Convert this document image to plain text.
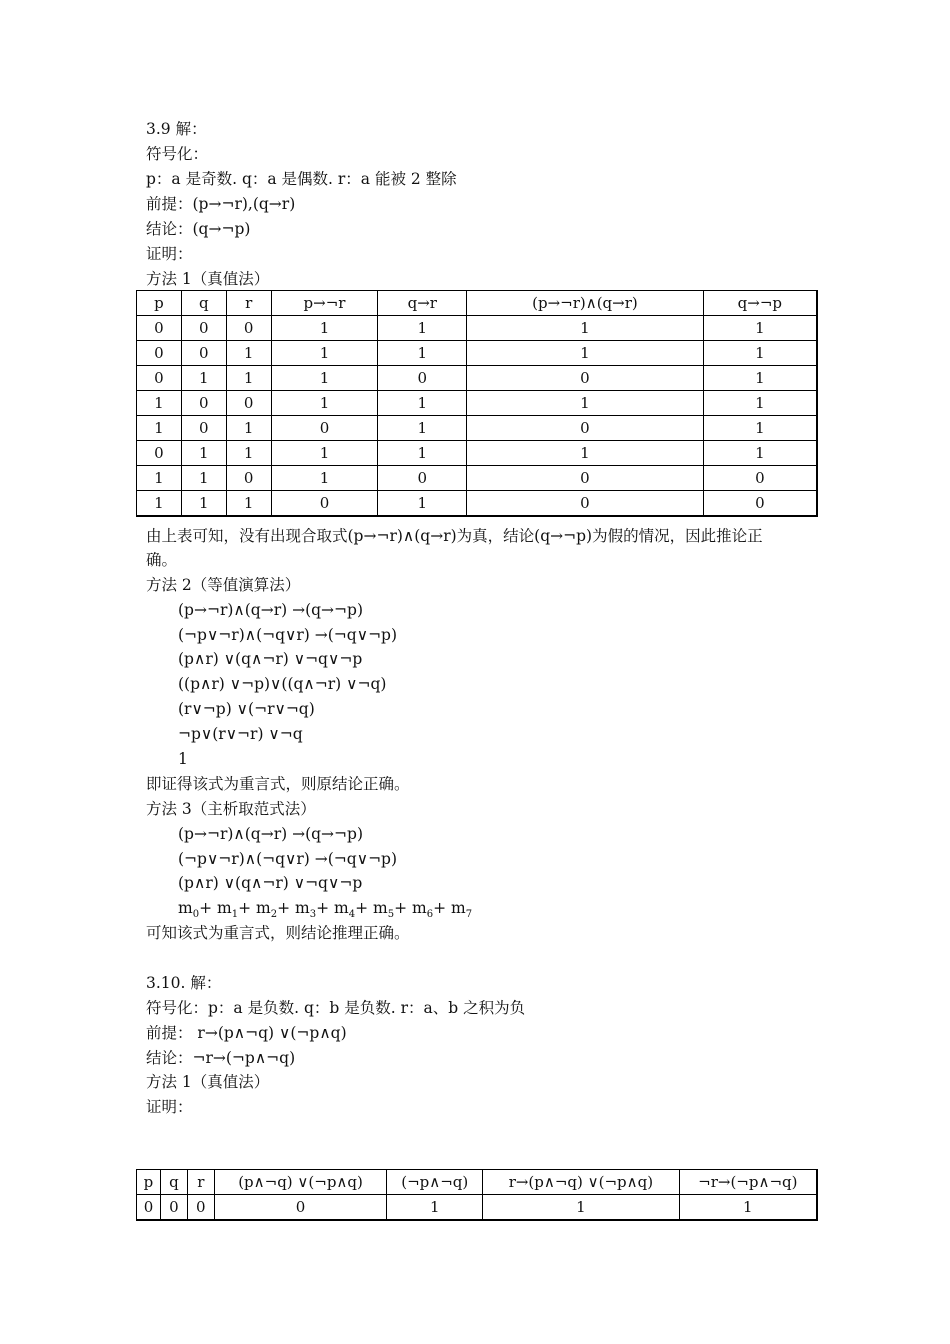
3.9 解：
符号化：
p：a 是奇数. q：a 是偶数. r：a 能被 2 整除
前提：(p→¬r),(q→r)
结论：(q→¬p)
证明：
方法 1（真值法）
p	q	r	p→¬r	q→r	(p→¬r)∧(q→r)	q→¬p
0	0	0	1	1	1	1
0	0	1	1	1	1	1
0	1	1	1	0	0	1
1	0	0	1	1	1	1
1	0	1	0	1	0	1
0	1	1	1	1	1	1
1	1	0	1	0	0	0
1	1	1	0	1	0	0
由上表可知，没有出现合取式(p→¬r)∧(q→r)为真，结论(q→¬p)为假的情况，因此推论正
确。
方法 2（等值演算法）
(p→¬r)∧(q→r) →(q→¬p)
(¬p∨¬r)∧(¬q∨r) →(¬q∨¬p)
(p∧r) ∨(q∧¬r) ∨¬q∨¬p
((p∧r) ∨¬p)∨((q∧¬r) ∨¬q)
(r∨¬p) ∨(¬r∨¬q)
¬p∨(r∨¬r) ∨¬q
1
即证得该式为重言式，则原结论正确。
方法 3（主析取范式法）
(p→¬r)∧(q→r) →(q→¬p)
(¬p∨¬r)∧(¬q∨r) →(¬q∨¬p)
(p∧r) ∨(q∧¬r) ∨¬q∨¬p
$m_0+ m_1+ m_2+ m_3+ m_4+ m_5+ m_6+ m_7$
可知该式为重言式，则结论推理正确。
3.10. 解：
符号化：p：a 是负数. q：b 是负数. r：a、b 之积为负
前提： r→(p∧¬q) ∨(¬p∧q)
结论：¬r→(¬p∧¬q)
方法 1（真值法）
证明：
p	q	r	(p∧¬q) ∨(¬p∧q)	(¬p∧¬q)	r→(p∧¬q) ∨(¬p∧q)	¬r→(¬p∧¬q)
0	0	0	0	1	1	1
